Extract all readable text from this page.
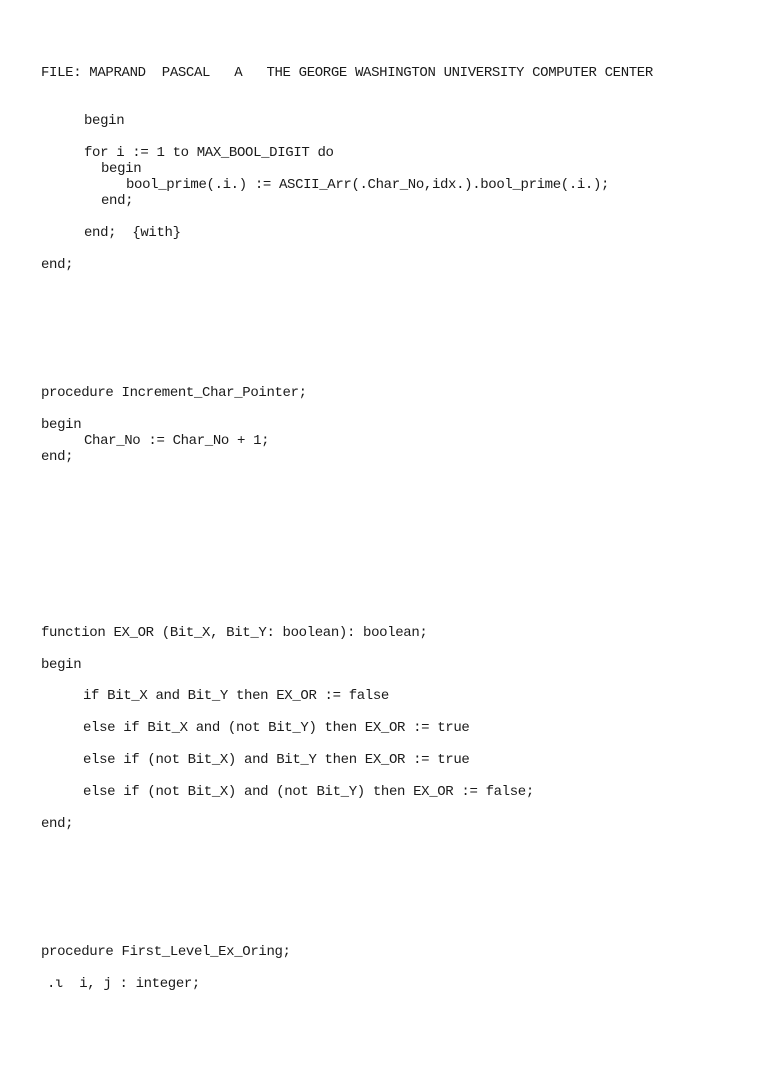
FILE: MAPRAND  PASCAL   A   THE GEORGE WASHINGTON UNIVERSITY COMPUTER CENTER
begin
for i := 1 to MAX_BOOL_DIGIT do
begin
bool_prime(.i.) := ASCII_Arr(.Char_No,idx.).bool_prime(.i.);
end;
end;  {with}
end;
procedure Increment_Char_Pointer;
begin
Char_No := Char_No + 1;
end;
function EX_OR (Bit_X, Bit_Y: boolean): boolean;
begin
if Bit_X and Bit_Y then EX_OR := false
else if Bit_X and (not Bit_Y) then EX_OR := true
else if (not Bit_X) and Bit_Y then EX_OR := true
else if (not Bit_X) and (not Bit_Y) then EX_OR := false;
end;
procedure First_Level_Ex_Oring;
.ι  i, j : integer;
